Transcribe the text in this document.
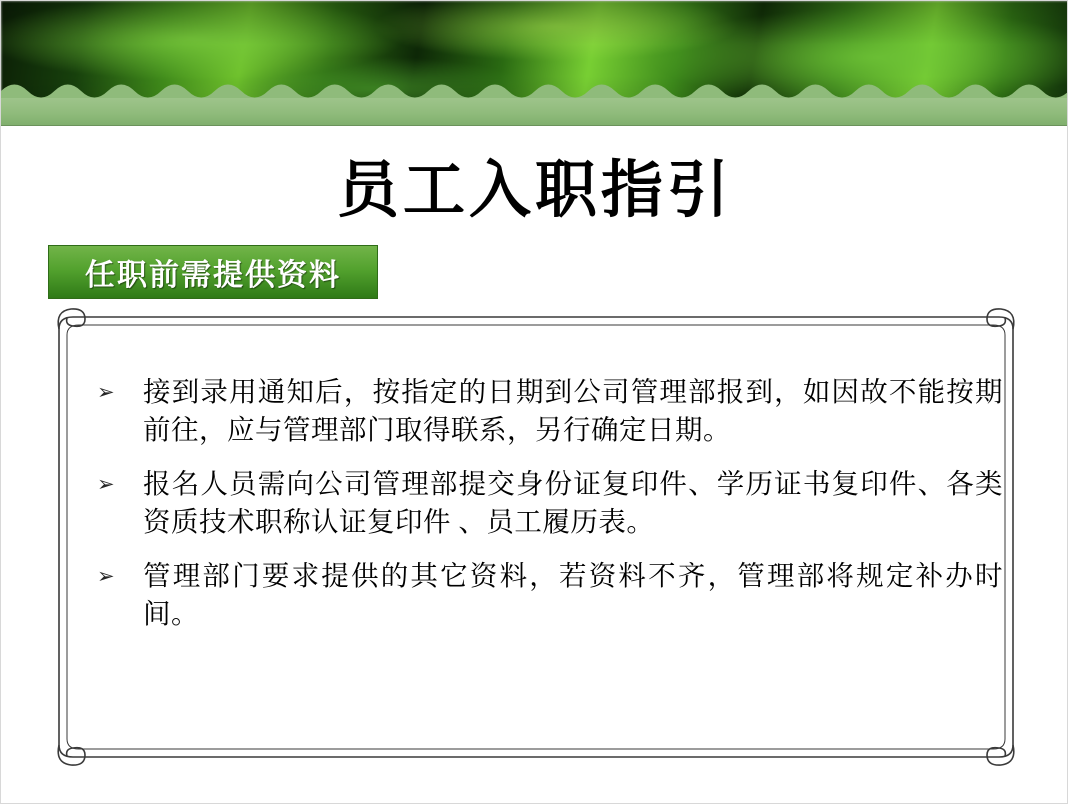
员工入职指引
任职前需提供资料
➢	接到录用通知后，按指定的日期到公司管理部报到，如因故不能按期前往，应与管理部门取得联系，另行确定日期。
➢	报名人员需向公司管理部提交身份证复印件、学历证书复印件、各类资质技术职称认证复印件 、员工履历表。
➢	管理部门要求提供的其它资料，若资料不齐，管理部将规定补办时间。
